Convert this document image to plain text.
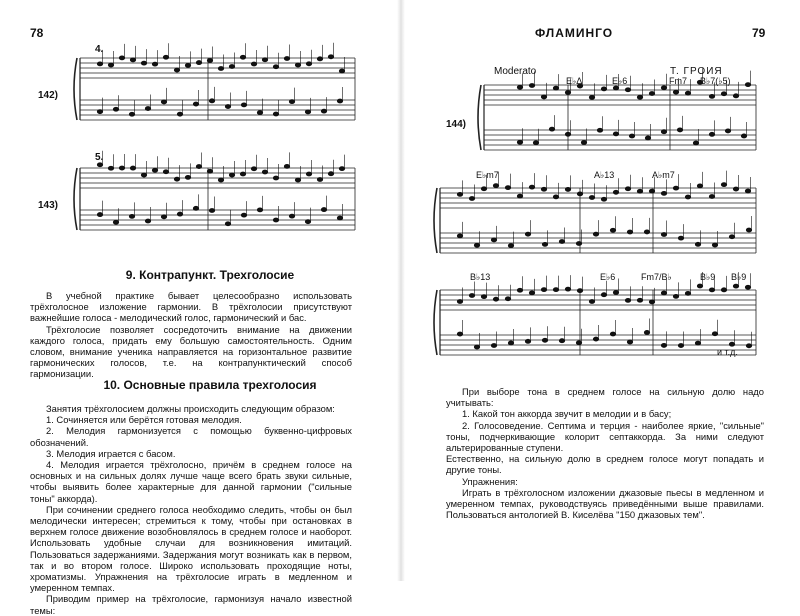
78	79
ФЛАМИНГО
4.
142)
5.
143)
Moderato	Т. ГРОИЯ
144)
E♭Δ	E♭6	Fm7 B♭7(♭5)
E♭m7	A♭13	A♭m7
B♭13	E♭6	Fm7/B♭	B♭9 B♭9
и т.д.
9. Контрапункт. Трехголосие

В учебной практике бывает целесообразно использовать трёхголосное изложение гармонии. В трёхголосии присутствуют важнейшие голоса - мелодический голос, гармонический и бас.

Трёхголосие позволяет сосредоточить внимание на движении каждого голоса, придать ему большую самостоятельность. Одним словом, внимание ученика направляется на горизонтальное развитие гармонических голосов, т.е. на контрапунктический способ гармонизации.

10. Основные правила трехголосия

Занятия трёхголосием должны происходить следующим образом:

1. Сочиняется или берётся готовая мелодия.

2. Мелодия гармонизуется с помощью буквенно-цифровых обозначений.

3. Мелодия играется с басом.

4. Мелодия играется трёхголосно, причём в среднем голосе на основных и на сильных долях лучше чаще всего брать звуки сильные, чтобы выявить более характерные для данной гармонии ("сильные тоны" аккорда).

При сочинении среднего голоса необходимо следить, чтобы он был мелодически интересен; стремиться к тому, чтобы при остановках в верхнем голосе движение возобновлялось в среднем голосе и наоборот. Использовать удобные случаи для возникновения имитаций. Пользоваться задержаниями. Задержания могут возникать как в первом, так и во втором голосе. Широко использовать проходящие ноты, хроматизмы. Упражнения на трёхголосие играть в медленном и умеренном темпах.

Приводим пример на трёхголосие, гармонизуя начало известной темы:

При выборе тона в среднем голосе на сильную долю надо учитывать:

1. Какой тон аккорда звучит в мелодии и в басу;

2. Голосоведение. Септима и терция - наиболее яркие, "сильные" тоны, подчеркивающие колорит септаккорда. За ними следуют альтерированные ступени.

Естественно, на сильную долю в среднем голосе могут попадать и другие тоны.

Упражнения:

Играть в трёхголосном изложении джазовые пьесы в медленном и умеренном темпах, руководствуясь приведёнными выше правилами. Пользоваться антологией В. Киселёва "150 джазовых тем".
